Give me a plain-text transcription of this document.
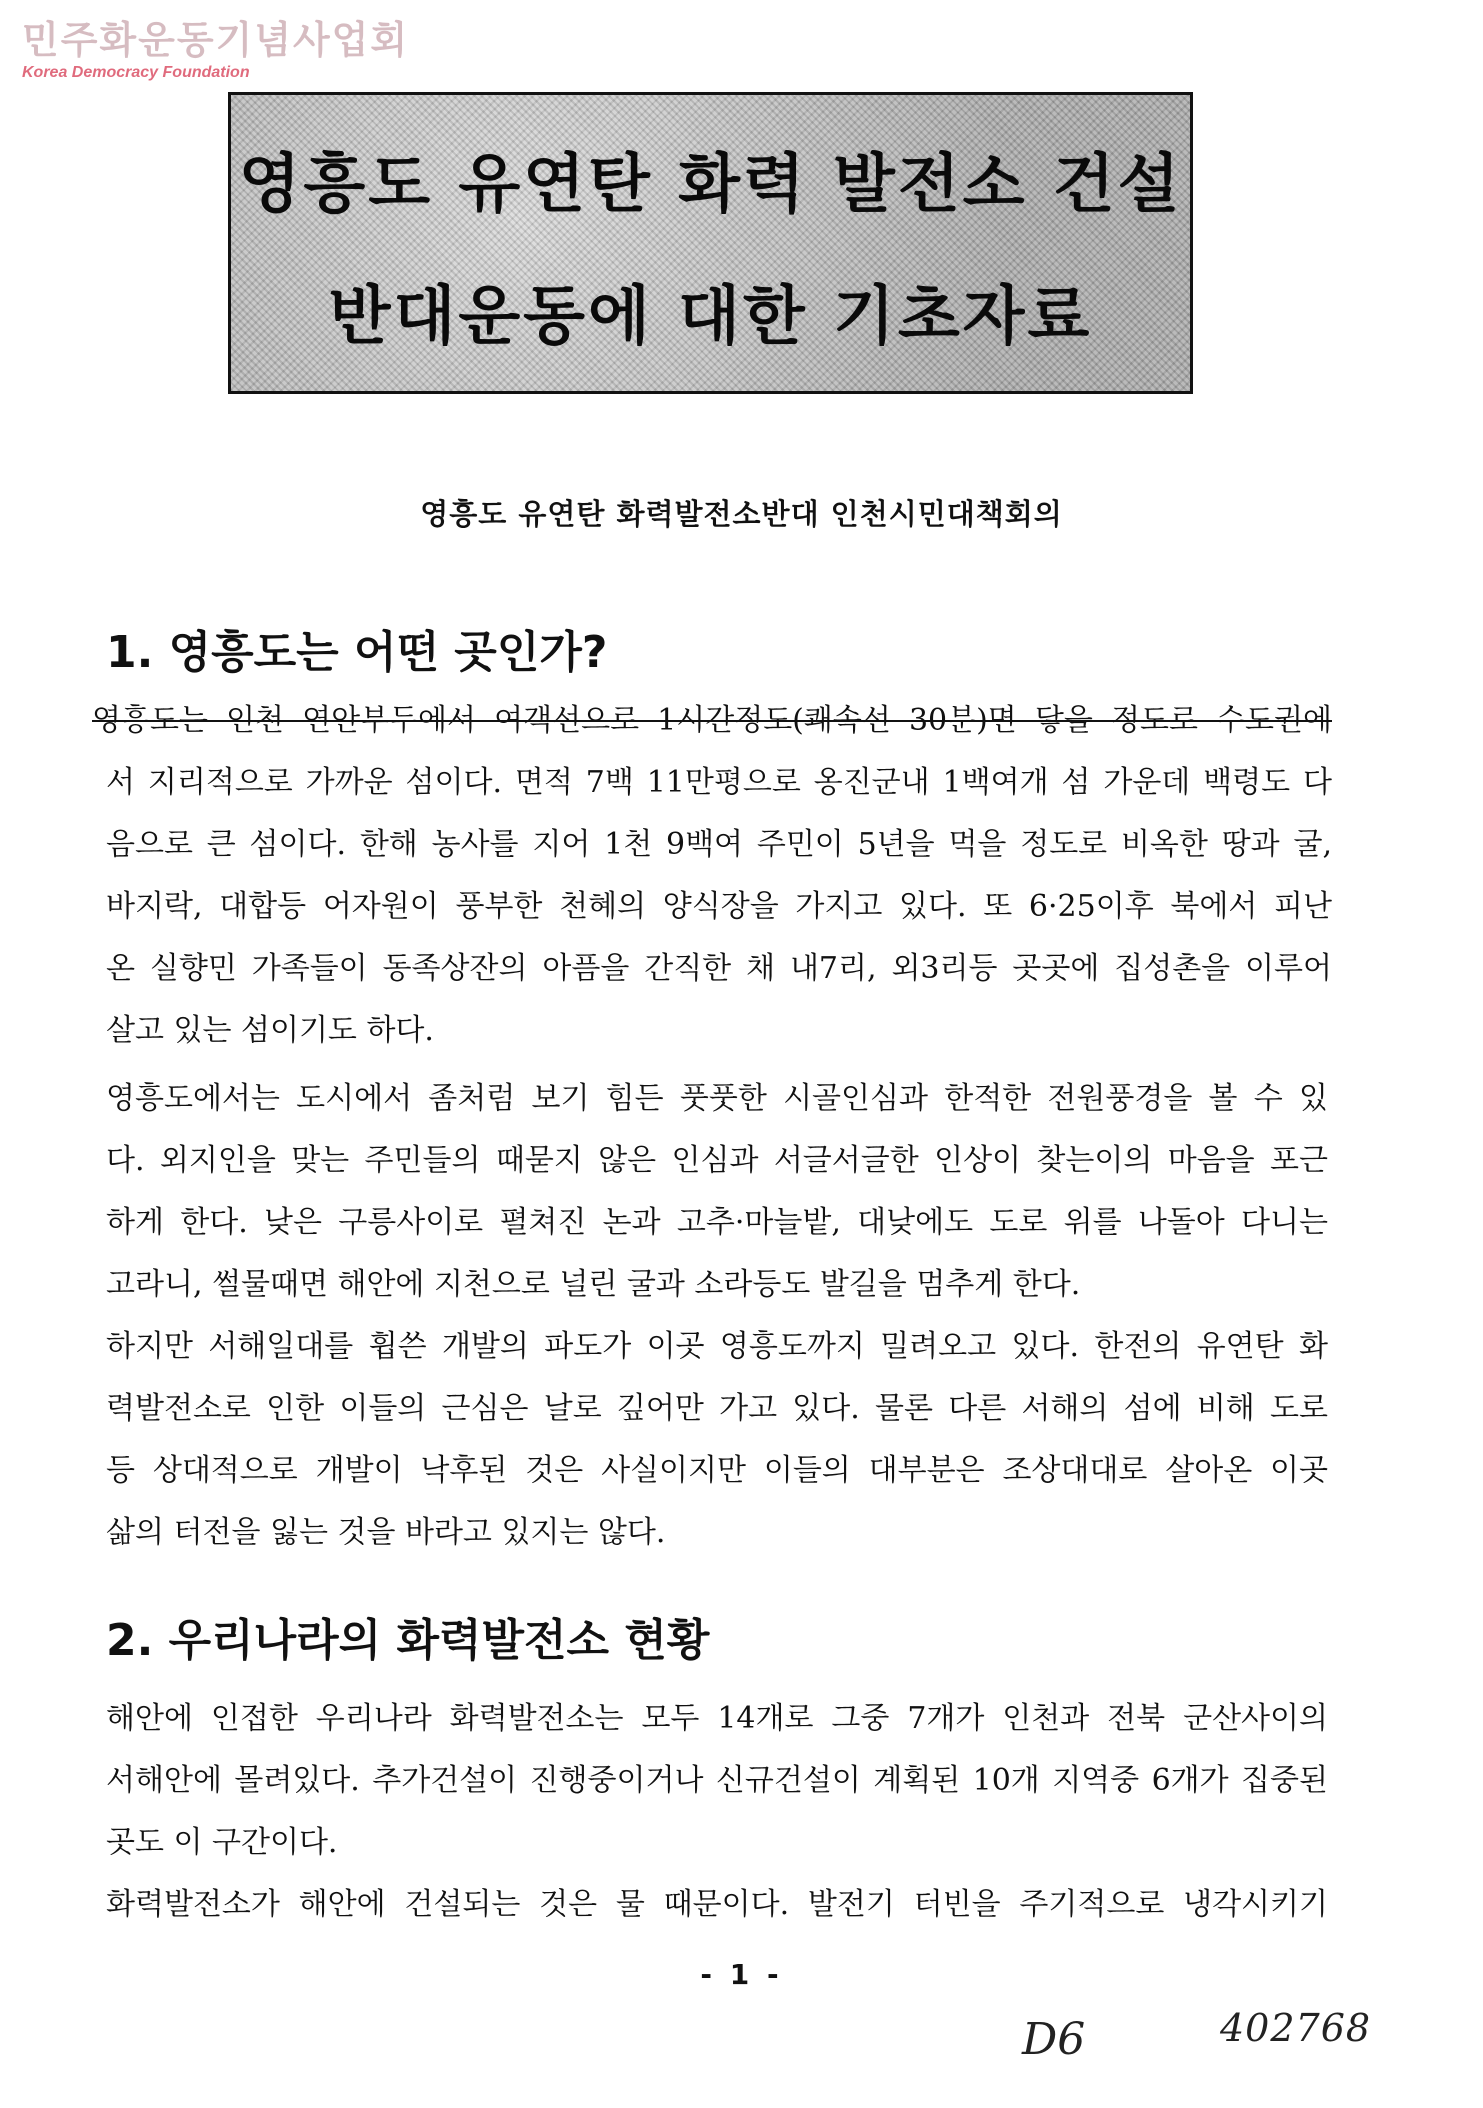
민주화운동기념사업회
Korea Democracy Foundation
영흥도 유연탄 화력 발전소 건설
반대운동에 대한 기초자료
영흥도 유연탄 화력발전소반대 인천시민대책회의
1. 영흥도는 어떤 곳인가?
영흥도는 인천 연안부두에서 여객선으로 1시간정도(쾌속선 30분)면 닿을 정도로 수도권에
서 지리적으로 가까운 섬이다. 면적 7백 11만평으로 옹진군내 1백여개 섬 가운데 백령도 다
음으로 큰 섬이다. 한해 농사를 지어 1천 9백여 주민이 5년을 먹을 정도로 비옥한 땅과 굴,
바지락, 대합등 어자원이 풍부한 천혜의 양식장을 가지고 있다. 또 6·25이후 북에서 피난
온 실향민 가족들이 동족상잔의 아픔을 간직한 채 내7리, 외3리등 곳곳에 집성촌을 이루어
살고 있는 섬이기도 하다.
영흥도에서는 도시에서 좀처럼 보기 힘든 풋풋한 시골인심과 한적한 전원풍경을 볼 수 있
다. 외지인을 맞는 주민들의 때묻지 않은 인심과 서글서글한 인상이 찾는이의 마음을 포근
하게 한다. 낮은 구릉사이로 펼쳐진 논과 고추·마늘밭, 대낮에도 도로 위를 나돌아 다니는
고라니, 썰물때면 해안에 지천으로 널린 굴과 소라등도 발길을 멈추게 한다.
하지만 서해일대를 휩쓴 개발의 파도가 이곳 영흥도까지 밀려오고 있다. 한전의 유연탄 화
력발전소로 인한 이들의 근심은 날로 깊어만 가고 있다. 물론 다른 서해의 섬에 비해 도로
등 상대적으로 개발이 낙후된 것은 사실이지만 이들의 대부분은 조상대대로 살아온 이곳
삶의 터전을 잃는 것을 바라고 있지는 않다.
2. 우리나라의 화력발전소 현황
해안에 인접한 우리나라 화력발전소는 모두 14개로 그중 7개가 인천과 전북 군산사이의
서해안에 몰려있다. 추가건설이 진행중이거나 신규건설이 계획된 10개 지역중 6개가 집중된
곳도 이 구간이다.
화력발전소가 해안에 건설되는 것은 물 때문이다. 발전기 터빈을 주기적으로 냉각시키기
- 1 -
D6	402768
